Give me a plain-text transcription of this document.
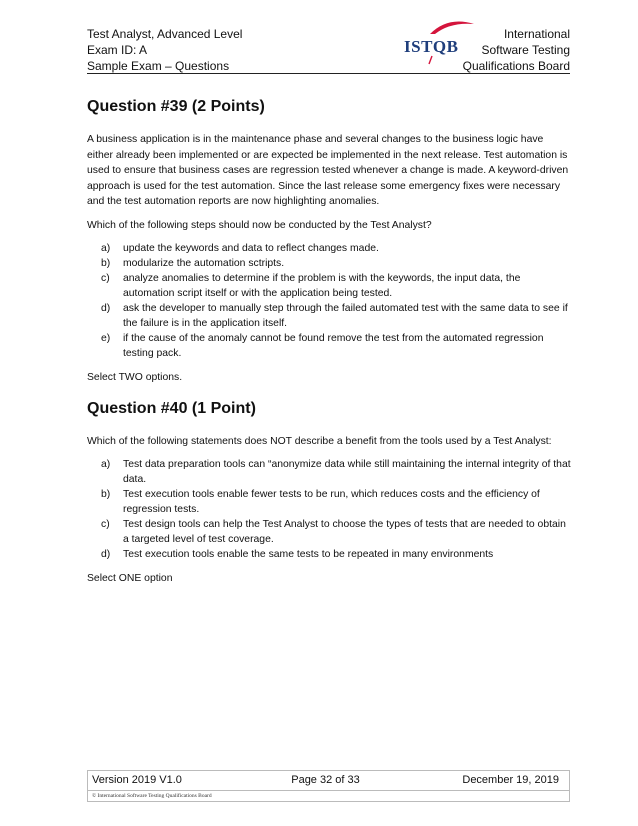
Test Analyst, Advanced Level
Exam ID: A
Sample Exam – Questions
ISTQB
International
Software Testing
Qualifications Board
Question #39 (2 Points)

A business application is in the maintenance phase and several changes to the business logic have either already been implemented or are expected be implemented in the next release. Test automation is used to ensure that business cases are regression tested whenever a change is made. A keyword-driven approach is used for the test automation. Since the last release some emergency fixes were necessary and the test automation reports are now highlighting anomalies.

Which of the following steps should now be conducted by the Test Analyst?

a) update the keywords and data to reflect changes made.
b) modularize the automation sctripts.
c) analyze anomalies to determine if the problem is with the keywords, the input data, the automation script itself or with the application being tested.
d) ask the developer to manually step through the failed automated test with the same data to see if the failure is in the application itself.
e) if the cause of the anomaly cannot be found remove the test from the automated regression testing pack.

Select TWO options.

Question #40 (1 Point)

Which of the following statements does NOT describe a benefit from the tools used by a Test Analyst:

a) Test data preparation tools can “anonymize data while still maintaining the internal integrity of that data.
b) Test execution tools enable fewer tests to be run, which reduces costs and the efficiency of regression tests.
c) Test design tools can help the Test Analyst to choose the types of tests that are needed to obtain a targeted level of test coverage.
d) Test execution tools enable the same tests to be repeated in many environments

Select ONE option

Version 2019 V1.0	Page 32 of 33	December 19, 2019
© International Software Testing Qualifications Board
